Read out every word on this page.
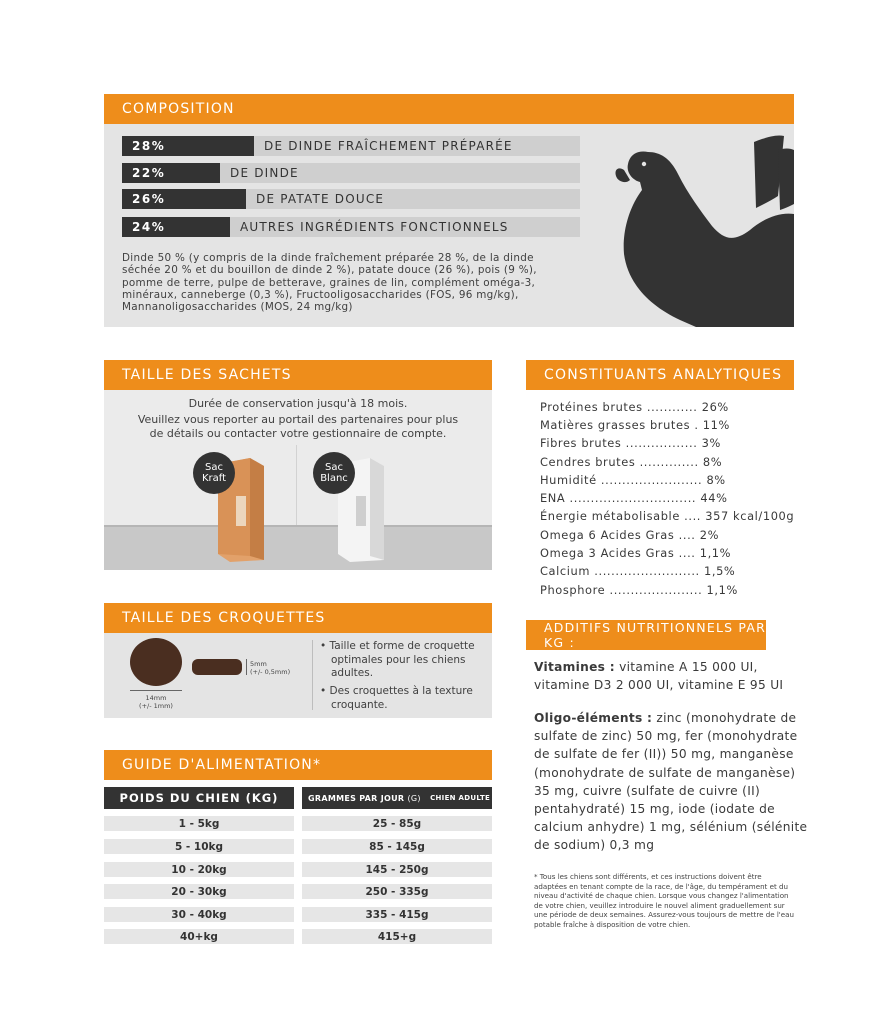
COMPOSITION
28%	DE DINDE FRAÎCHEMENT PRÉPARÉE
22%	DE DINDE
26%	DE PATATE DOUCE
24%	AUTRES INGRÉDIENTS FONCTIONNELS
Dinde 50 % (y compris de la dinde fraîchement préparée 28 %, de la dinde séchée 20 % et du bouillon de dinde 2 %), patate douce (26 %), pois (9 %), pomme de terre, pulpe de betterave, graines de lin, complément oméga-3, minéraux, canneberge (0,3 %), Fructooligosaccharides (FOS, 96 mg/kg), Mannanoligosaccharides (MOS, 24 mg/kg)
TAILLE DES SACHETS
Durée de conservation jusqu'à 18 mois.
Veuillez vous reporter au portail des partenaires pour plus
de détails ou contacter votre gestionnaire de compte.
Sac
Kraft
Sac
Blanc
CONSTITUANTS ANALYTIQUES
Protéines brutes ............ 26%
Matières grasses brutes . 11%
Fibres brutes ................. 3%
Cendres brutes .............. 8%
Humidité ........................ 8%
ENA .............................. 44%
Énergie métabolisable .... 357 kcal/100g
Omega 6 Acides Gras .... 2%
Omega 3 Acides Gras .... 1,1%
Calcium ......................... 1,5%
Phosphore ...................... 1,1%
TAILLE DES CROQUETTES
14mm
(+/- 1mm)
5mm
(+/- 0,5mm)
• Taille et forme de croquette
optimales pour les chiens
adultes.
• Des croquettes à la texture
croquante.
ADDITIFS NUTRITIONNELS PAR KG :
Vitamines : vitamine A 15 000 UI, vitamine D3 2 000 UI, vitamine E 95 UI
Oligo-éléments : zinc (monohydrate de sulfate de zinc) 50 mg, fer (monohydrate de sulfate de fer (II)) 50 mg, manganèse (monohydrate de sulfate de manganèse) 35 mg, cuivre (sulfate de cuivre (II) pentahydraté) 15 mg, iode (iodate de calcium anhydre) 1 mg, sélénium (sélénite de sodium) 0,3 mg
* Tous les chiens sont différents, et ces instructions doivent être adaptées en tenant compte de la race, de l'âge, du tempérament et du niveau d'activité de chaque chien. Lorsque vous changez l'alimentation de votre chien, veuillez introduire le nouvel aliment graduellement sur une période de deux semaines. Assurez-vous toujours de mettre de l'eau potable fraîche à disposition de votre chien.
GUIDE D'ALIMENTATION*
POIDS DU CHIEN (KG)	GRAMMES PAR JOUR
(G)
CHIEN ADULTE
1 - 5kg	25 - 85g
5 - 10kg	85 - 145g
10 - 20kg	145 - 250g
20 - 30kg	250 - 335g
30 - 40kg	335 - 415g
40+kg	415+g
